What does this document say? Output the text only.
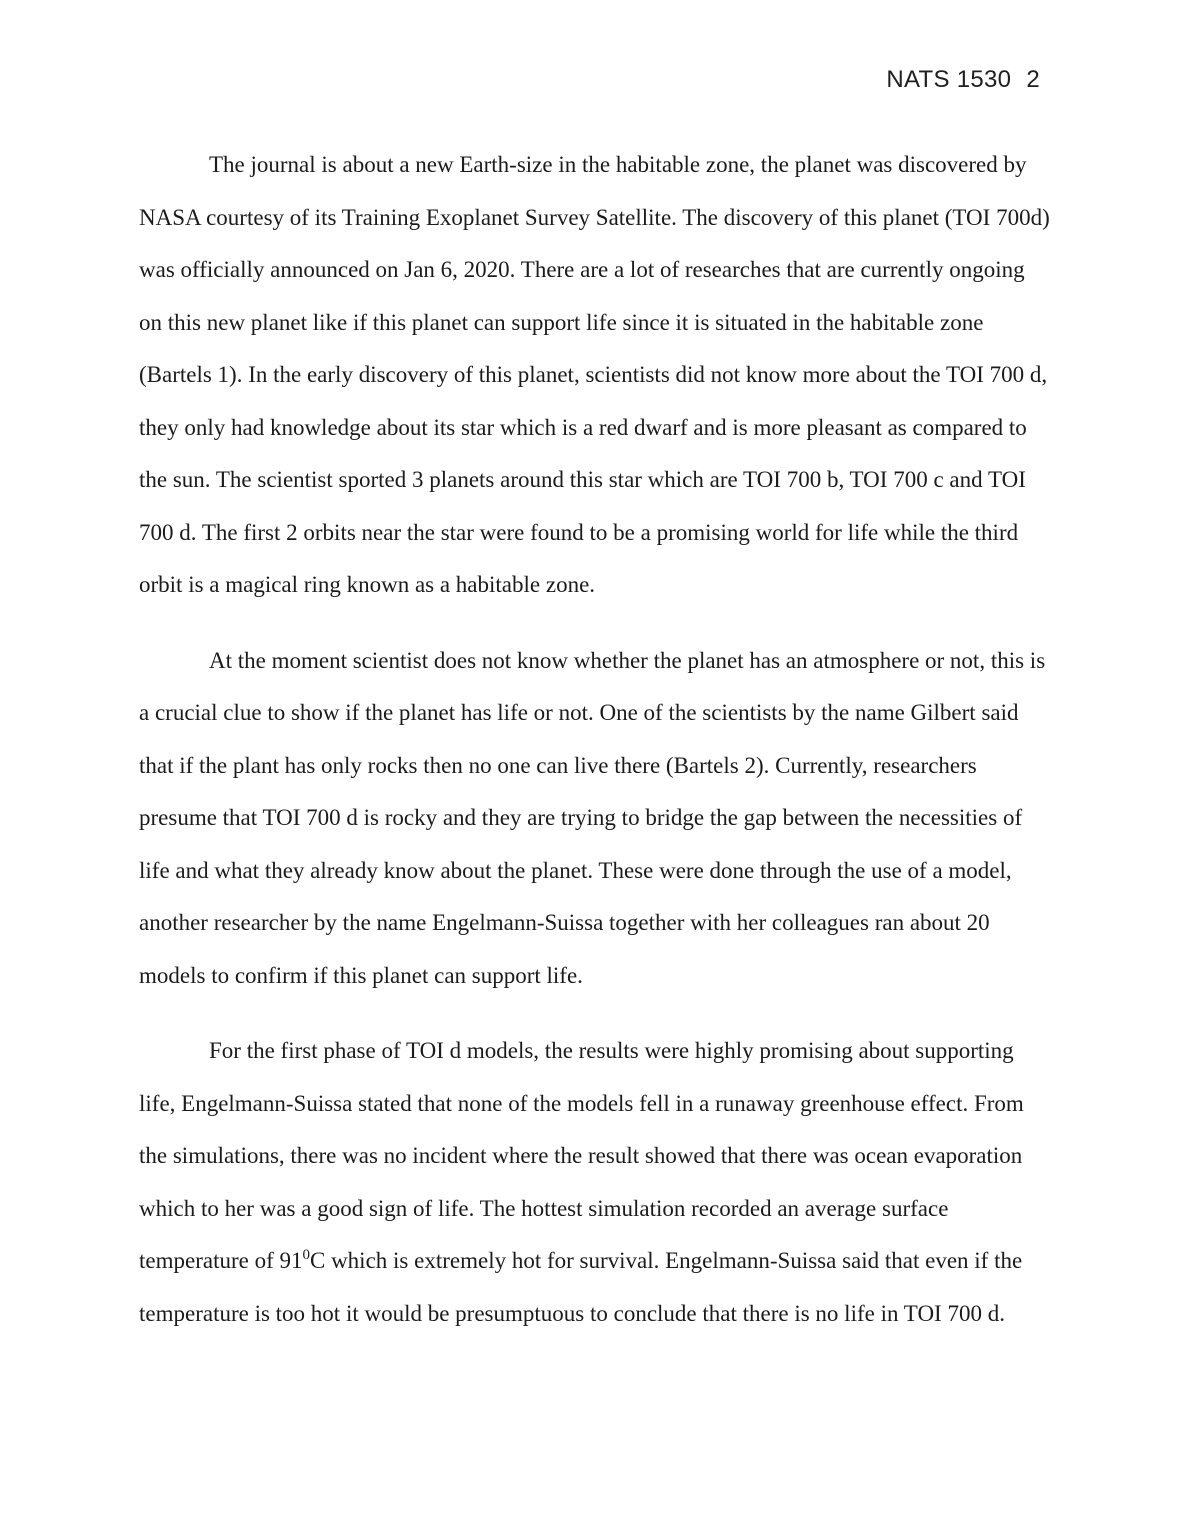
NATS 1530 2

The journal is about a new Earth-size in the habitable zone, the planet was discovered by NASA courtesy of its Training Exoplanet Survey Satellite. The discovery of this planet (TOI 700d) was officially announced on Jan 6, 2020. There are a lot of researches that are currently ongoing on this new planet like if this planet can support life since it is situated in the habitable zone (Bartels 1). In the early discovery of this planet, scientists did not know more about the TOI 700 d, they only had knowledge about its star which is a red dwarf and is more pleasant as compared to the sun. The scientist sported 3 planets around this star which are TOI 700 b, TOI 700 c and TOI 700 d. The first 2 orbits near the star were found to be a promising world for life while the third orbit is a magical ring known as a habitable zone.

At the moment scientist does not know whether the planet has an atmosphere or not, this is a crucial clue to show if the planet has life or not. One of the scientists by the name Gilbert said that if the plant has only rocks then no one can live there (Bartels 2). Currently, researchers presume that TOI 700 d is rocky and they are trying to bridge the gap between the necessities of life and what they already know about the planet. These were done through the use of a model, another researcher by the name Engelmann-Suissa together with her colleagues ran about 20 models to confirm if this planet can support life.

For the first phase of TOI d models, the results were highly promising about supporting life, Engelmann-Suissa stated that none of the models fell in a runaway greenhouse effect. From the simulations, there was no incident where the result showed that there was ocean evaporation which to her was a good sign of life. The hottest simulation recorded an average surface temperature of $91^0C$ which is extremely hot for survival. Engelmann-Suissa said that even if the temperature is too hot it would be presumptuous to conclude that there is no life in TOI 700 d.
